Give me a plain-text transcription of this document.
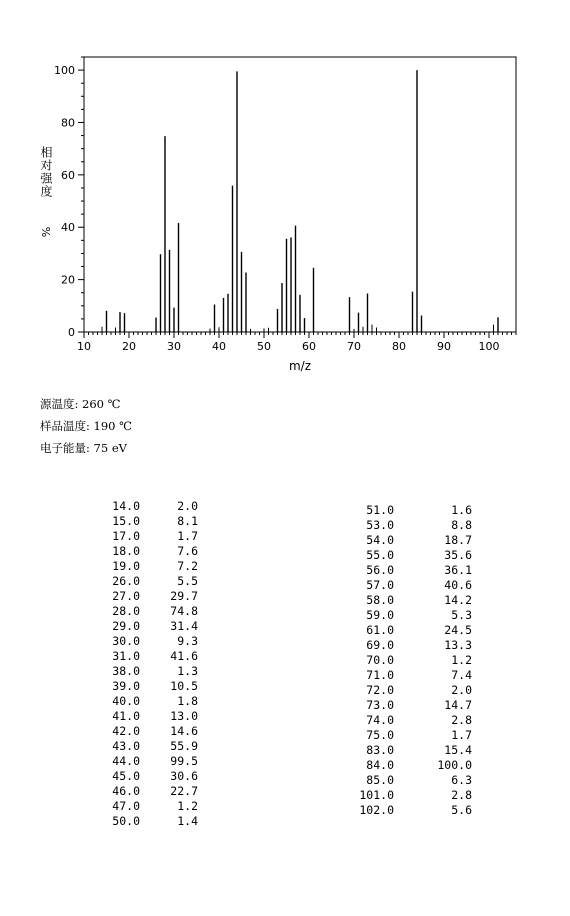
10	20	30	40	50	60	70	80	90	100
0
20
40
60
80
100
m/z
相对强度
%
源温度: 260 ℃
样品温度: 190 ℃
电子能量: 75 eV
14.0	2.0
15.0	8.1
17.0	1.7
18.0	7.6
19.0	7.2
26.0	5.5
27.0	29.7
28.0	74.8
29.0	31.4
30.0	9.3
31.0	41.6
38.0	1.3
39.0	10.5
40.0	1.8
41.0	13.0
42.0	14.6
43.0	55.9
44.0	99.5
45.0	30.6
46.0	22.7
47.0	1.2
50.0	1.4
51.0	1.6
53.0	8.8
54.0	18.7
55.0	35.6
56.0	36.1
57.0	40.6
58.0	14.2
59.0	5.3
61.0	24.5
69.0	13.3
70.0	1.2
71.0	7.4
72.0	2.0
73.0	14.7
74.0	2.8
75.0	1.7
83.0	15.4
84.0	100.0
85.0	6.3
101.0	2.8
102.0	5.6
